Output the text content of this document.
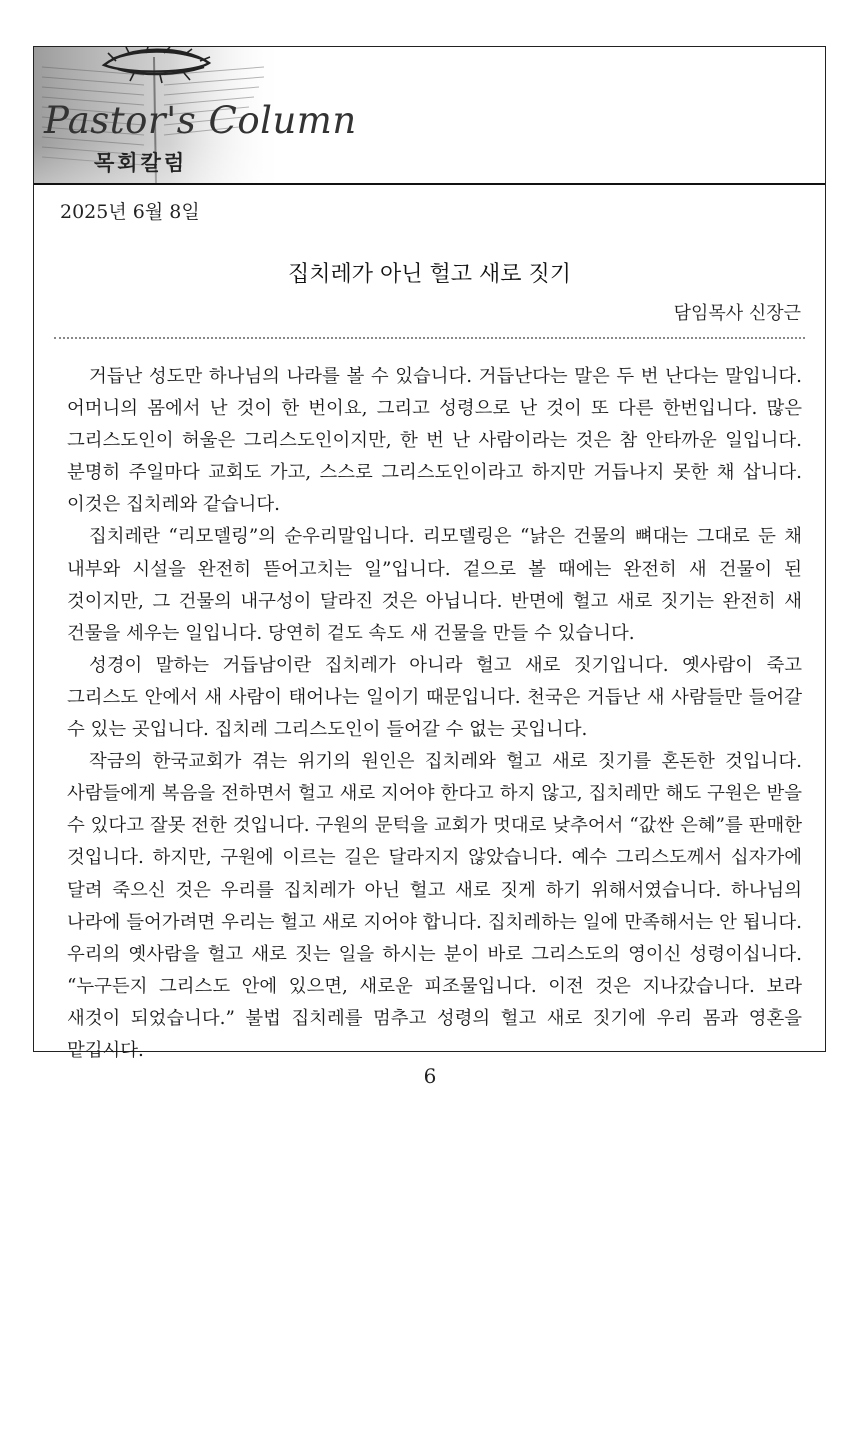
Pastor's Column
목회칼럼
2025년 6월 8일
집치레가 아닌 헐고 새로 짓기
담임목사 신장근

거듭난 성도만 하나님의 나라를 볼 수 있습니다. 거듭난다는 말은 두 번 난다는 말입니다. 어머니의 몸에서 난 것이 한 번이요, 그리고 성령으로 난 것이 또 다른 한번입니다. 많은 그리스도인이 허울은 그리스도인이지만, 한 번 난 사람이라는 것은 참 안타까운 일입니다. 분명히 주일마다 교회도 가고, 스스로 그리스도인이라고 하지만 거듭나지 못한 채 삽니다. 이것은 집치레와 같습니다.

집치레란 “리모델링”의 순우리말입니다. 리모델링은 “낡은 건물의 뼈대는 그대로 둔 채 내부와 시설을 완전히 뜯어고치는 일”입니다. 겉으로 볼 때에는 완전히 새 건물이 된 것이지만, 그 건물의 내구성이 달라진 것은 아닙니다. 반면에 헐고 새로 짓기는 완전히 새 건물을 세우는 일입니다. 당연히 겉도 속도 새 건물을 만들 수 있습니다.

성경이 말하는 거듭남이란 집치레가 아니라 헐고 새로 짓기입니다. 옛사람이 죽고 그리스도 안에서 새 사람이 태어나는 일이기 때문입니다. 천국은 거듭난 새 사람들만 들어갈 수 있는 곳입니다. 집치레 그리스도인이 들어갈 수 없는 곳입니다.

작금의 한국교회가 겪는 위기의 원인은 집치레와 헐고 새로 짓기를 혼돈한 것입니다. 사람들에게 복음을 전하면서 헐고 새로 지어야 한다고 하지 않고, 집치레만 해도 구원은 받을 수 있다고 잘못 전한 것입니다. 구원의 문턱을 교회가 멋대로 낮추어서 “값싼 은혜”를 판매한 것입니다. 하지만, 구원에 이르는 길은 달라지지 않았습니다. 예수 그리스도께서 십자가에 달려 죽으신 것은 우리를 집치레가 아닌 헐고 새로 짓게 하기 위해서였습니다. 하나님의 나라에 들어가려면 우리는 헐고 새로 지어야 합니다. 집치레하는 일에 만족해서는 안 됩니다. 우리의 옛사람을 헐고 새로 짓는 일을 하시는 분이 바로 그리스도의 영이신 성령이십니다. “누구든지 그리스도 안에 있으면, 새로운 피조물입니다. 이전 것은 지나갔습니다. 보라 새것이 되었습니다.” 불법 집치레를 멈추고 성령의 헐고 새로 짓기에 우리 몸과 영혼을 맡깁시다.

6
